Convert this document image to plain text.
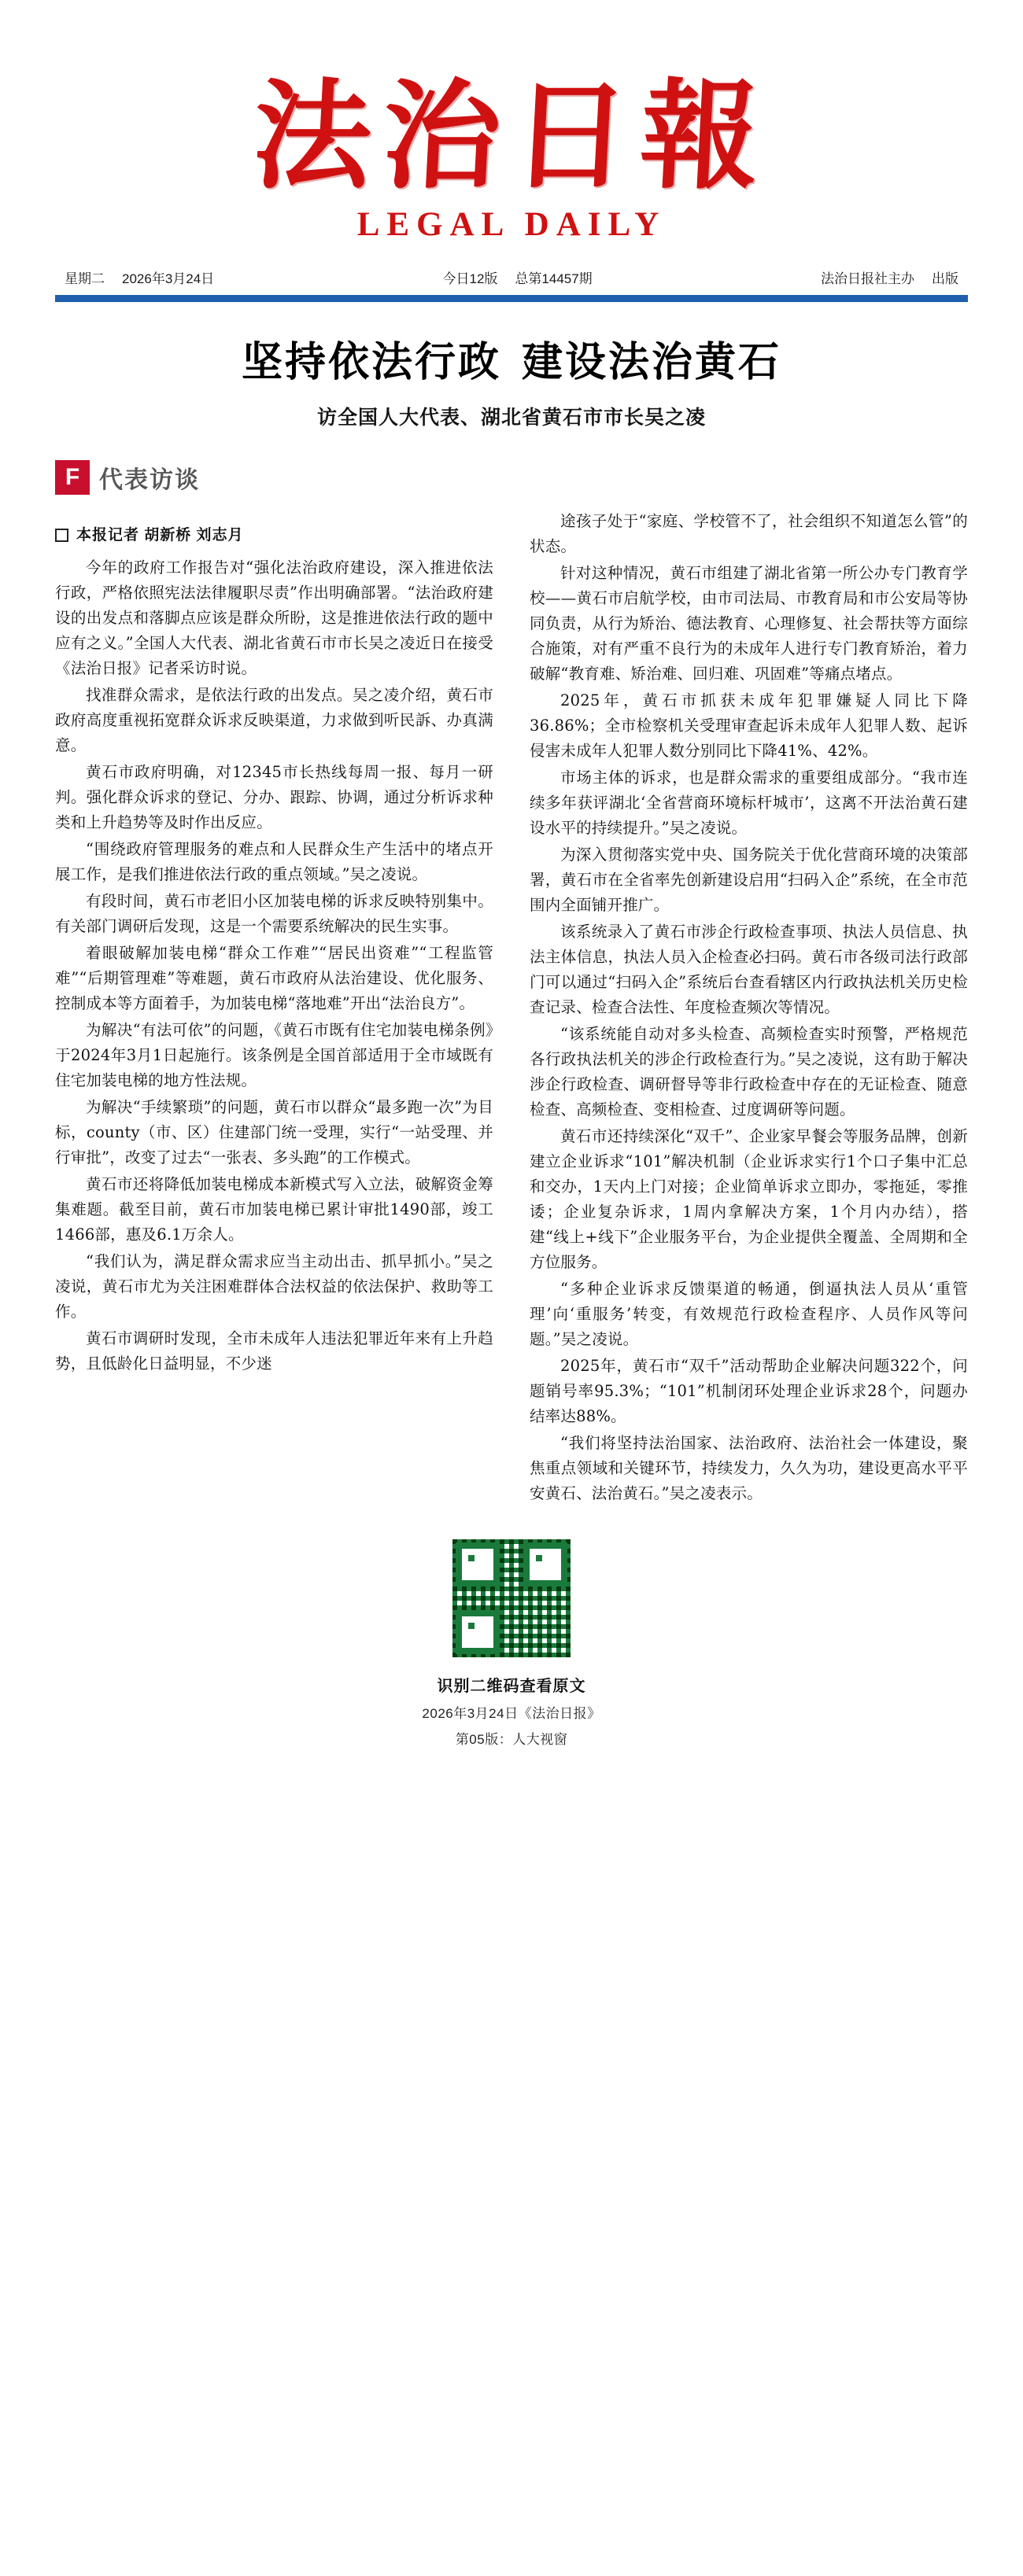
法治日報
LEGAL DAILY
星期二 2026年3月24日	今日12版 总第14457期	法治日报社主办 出版
坚持依法行政 建设法治黄石
访全国人大代表、湖北省黄石市市长吴之凌
F 代表访谈
本报记者 胡新桥 刘志月

今年的政府工作报告对“强化法治政府建设，深入推进依法行政，严格依照宪法法律履职尽责”作出明确部署。“法治政府建设的出发点和落脚点应该是群众所盼，这是推进依法行政的题中应有之义。”全国人大代表、湖北省黄石市市长吴之凌近日在接受《法治日报》记者采访时说。

找准群众需求，是依法行政的出发点。吴之凌介绍，黄石市政府高度重视拓宽群众诉求反映渠道，力求做到听民訴、办真满意。

黄石市政府明确，对12345市长热线每周一报、每月一研判。强化群众诉求的登记、分办、跟踪、协调，通过分析诉求种类和上升趋势等及时作出反应。

“围绕政府管理服务的难点和人民群众生产生活中的堵点开展工作，是我们推进依法行政的重点领域。”吴之凌说。

有段时间，黄石市老旧小区加装电梯的诉求反映特别集中。有关部门调研后发现，这是一个需要系统解决的民生实事。

着眼破解加装电梯“群众工作难”“居民出资难”“工程监管难”“后期管理难”等难题，黄石市政府从法治建设、优化服务、控制成本等方面着手，为加装电梯“落地难”开出“法治良方”。

为解决“有法可依”的问题，《黄石市既有住宅加装电梯条例》于2024年3月1日起施行。该条例是全国首部适用于全市域既有住宅加装电梯的地方性法规。

为解决“手续繁琐”的问题，黄石市以群众“最多跑一次”为目标，county（市、区）住建部门统一受理，实行“一站受理、并行审批”，改变了过去“一张表、多头跑”的工作模式。

黄石市还将降低加装电梯成本新模式写入立法，破解资金筹集难题。截至目前，黄石市加装电梯已累计审批1490部，竣工1466部，惠及6.1万余人。

“我们认为，满足群众需求应当主动出击、抓早抓小。”吴之凌说，黄石市尤为关注困难群体合法权益的依法保护、救助等工作。

黄石市调研时发现，全市未成年人违法犯罪近年来有上升趋势，且低龄化日益明显，不少迷

途孩子处于“家庭、学校管不了，社会组织不知道怎么管”的状态。

针对这种情况，黄石市组建了湖北省第一所公办专门教育学校——黄石市启航学校，由市司法局、市教育局和市公安局等协同负责，从行为矫治、德法教育、心理修复、社会帮扶等方面综合施策，对有严重不良行为的未成年人进行专门教育矫治，着力破解“教育难、矫治难、回归难、巩固难”等痛点堵点。

2025年，黄石市抓获未成年犯罪嫌疑人同比下降36.86%；全市检察机关受理审查起诉未成年人犯罪人数、起诉侵害未成年人犯罪人数分别同比下降41%、42%。

市场主体的诉求，也是群众需求的重要组成部分。“我市连续多年获评湖北‘全省营商环境标杆城市’，这离不开法治黄石建设水平的持续提升。”吴之凌说。

为深入贯彻落实党中央、国务院关于优化营商环境的决策部署，黄石市在全省率先创新建设启用“扫码入企”系统，在全市范围内全面铺开推广。

该系统录入了黄石市涉企行政检查事项、执法人员信息、执法主体信息，执法人员入企检查必扫码。黄石市各级司法行政部门可以通过“扫码入企”系统后台查看辖区内行政执法机关历史检查记录、检查合法性、年度检查频次等情况。

“该系统能自动对多头检查、高频检查实时预警，严格规范各行政执法机关的涉企行政检查行为。”吴之凌说，这有助于解决涉企行政检查、调研督导等非行政检查中存在的无证检查、随意检查、高频检查、变相检查、过度调研等问题。

黄石市还持续深化“双千”、企业家早餐会等服务品牌，创新建立企业诉求“101”解决机制（企业诉求实行1个口子集中汇总和交办，1天内上门对接；企业简单诉求立即办，零拖延，零推诿；企业复杂诉求，1周内拿解决方案，1个月内办结），搭建“线上+线下”企业服务平台，为企业提供全覆盖、全周期和全方位服务。

“多种企业诉求反馈渠道的畅通，倒逼执法人员从‘重管理’向‘重服务’转变，有效规范行政检查程序、人员作风等问题。”吴之凌说。

2025年，黄石市“双千”活动帮助企业解决问题322个，问题销号率95.3%；“101”机制闭环处理企业诉求28个，问题办结率达88%。

“我们将坚持法治国家、法治政府、法治社会一体建设，聚焦重点领域和关键环节，持续发力，久久为功，建设更高水平平安黄石、法治黄石。”吴之凌表示。

识别二维码查看原文
2026年3月24日《法治日报》
第05版：人大视窗
